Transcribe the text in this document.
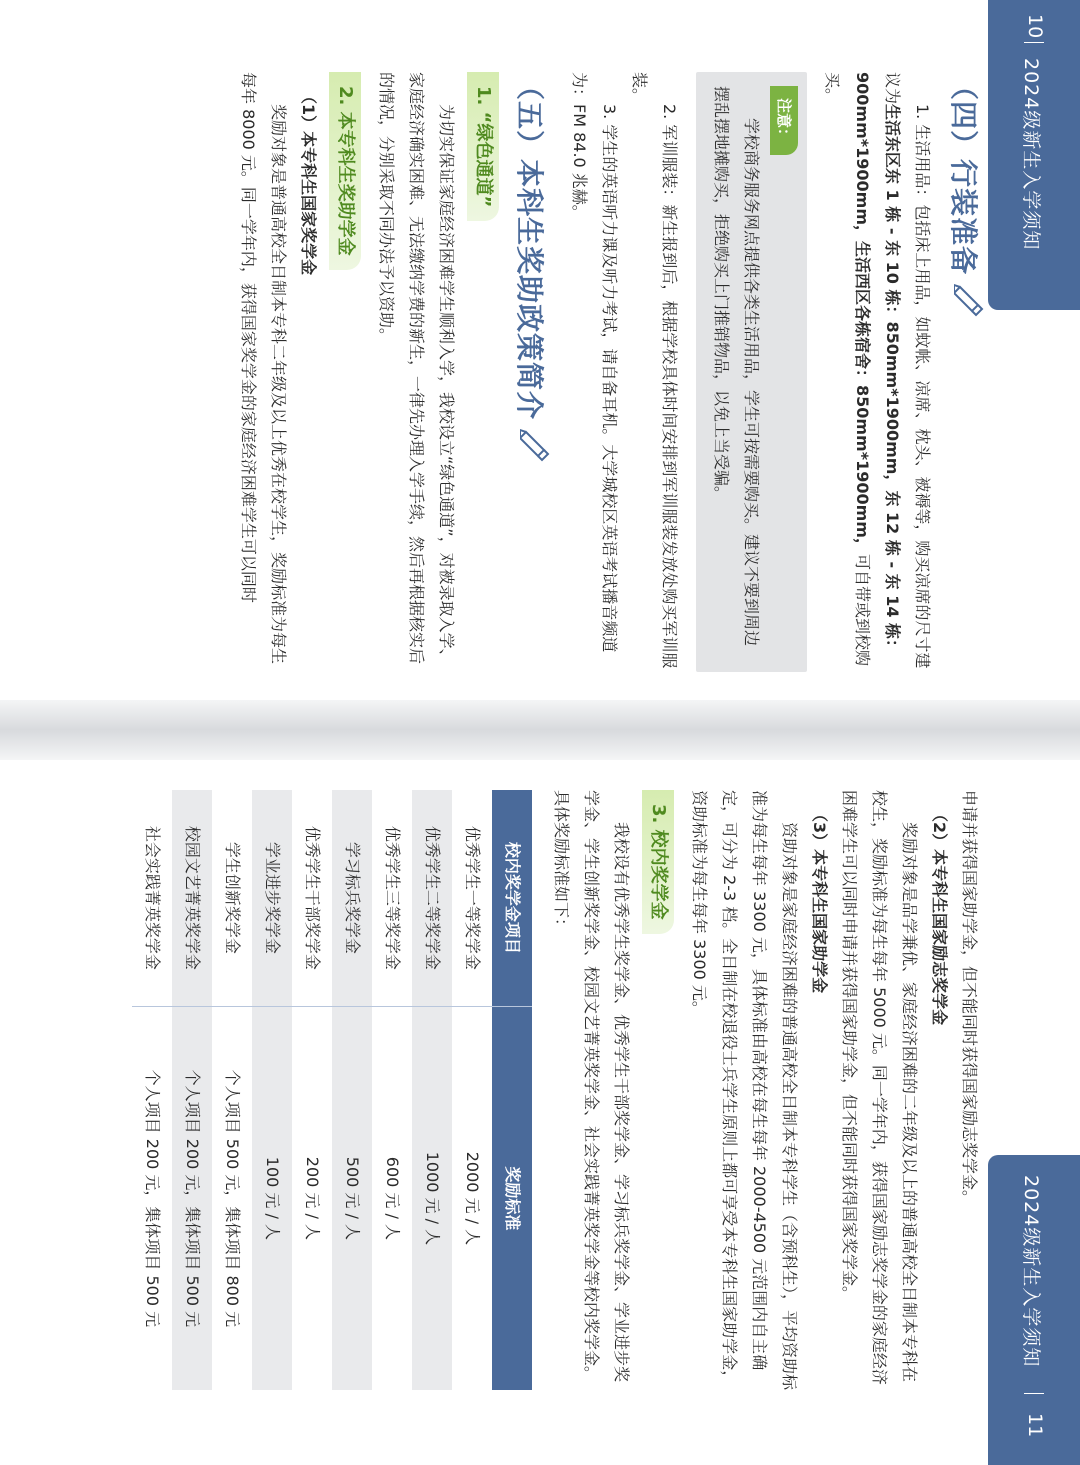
10
2024级新生入学须知
2024级新生入学须知
11
（四）行装准备

1. 生活用品：包括床上用品，如蚊帐、凉席、枕头、被褥等，购买凉席的尺寸建议为生活东区东 1 栋 - 东 10 栋：850mm*1900mm，东 12 栋 - 东 14 栋：900mm*1900mm，生活西区各栋宿舍：850mm*1900mm，可自带或到校购买。

注意：

学校商务服务网点提供各类生活用品，学生可按需要购买。建议不要到周边摆乱摆地摊购买，拒绝购买上门推销物品，以免上当受骗。

2. 军训服装：新生报到后，根据学校具体时间安排到军训服装发放处购买军训服装。

3. 学生的英语听力课及听力考试，请自备耳机。大学城校区英语考试播音频道为：FM 84.0 兆赫。

（五）本科生奖助政策简介
1. “绿色通道”

为切实保证家庭经济困难学生顺利入学，我校设立“绿色通道”，对被录取入学、家庭经济确实困难、无法缴纳学费的新生，一律先办理入学手续，然后再根据核实后的情况，分别采取不同办法予以资助。

2. 本专科生奖助学金
（1）本专科生国家奖学金

奖励对象是普通高校全日制本专科二年级及以上优秀在校学生，奖励标准为每生每年 8000 元。同一学年内，获得国家奖学金的家庭经济困难学生可以同时

申请并获得国家助学金，但不能同时获得国家励志奖学金。

（2）本专科生国家励志奖学金

奖励对象是品学兼优、家庭经济困难的二年级及以上的普通高校全日制本专科在校生，奖励标准为每生每年 5000 元。同一学年内，获得国家励志奖学金的家庭经济困难学生可以同时申请并获得国家助学金，但不能同时获得国家奖学金。

（3）本专科生国家助学金

资助对象是家庭经济困难的普通高校全日制本专科学生（含预科生），平均资助标准为每生每年 3300 元，具体标准由高校在每生每年 2000-4500 元范围内自主确定，可分为 2-3 档。全日制在校退役士兵学生原则上都可享受本专科生国家助学金，资助标准为每生每年 3300 元。

3. 校内奖学金

我校设有优秀学生奖学金、优秀学生干部奖学金、学习标兵奖学金、学业进步奖学金、学生创新奖学金、校园文艺菁英奖学金、社会实践菁英奖学金等校内奖学金。具体奖励标准如下：

校内奖学金项目	奖励标准
优秀学生一等奖学金	2000 元 / 人
优秀学生二等奖学金	1000 元 / 人
优秀学生三等奖学金	600 元 / 人
学习标兵奖学金	500 元 / 人
优秀学生干部奖学金	200 元 / 人
学业进步奖学金	100 元 / 人
学生创新奖学金	个人项目 500 元，集体项目 800 元
校园文艺菁英奖学金	个人项目 200 元，集体项目 500 元
社会实践菁英奖学金	个人项目 200 元，集体项目 500 元
